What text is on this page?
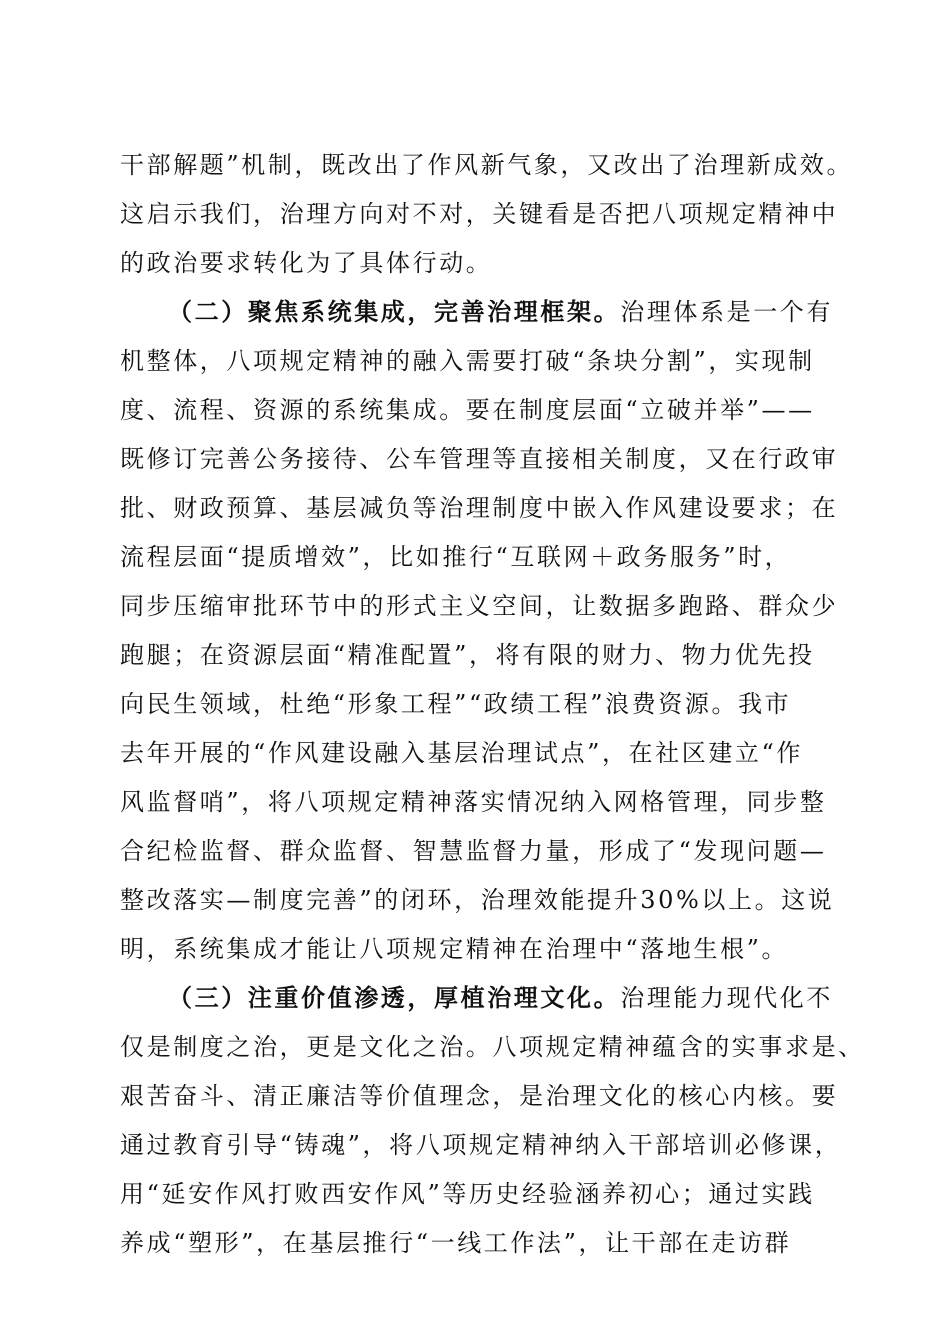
干部解题”机制，既改出了作风新气象，又改出了治理新成效。
这启示我们，治理方向对不对，关键看是否把八项规定精神中
的政治要求转化为了具体行动。
（二）聚焦系统集成，完善治理框架。治理体系是一个有
机整体，八项规定精神的融入需要打破“条块分割”，实现制
度、流程、资源的系统集成。要在制度层面“立破并举”——
既修订完善公务接待、公车管理等直接相关制度，又在行政审
批、财政预算、基层减负等治理制度中嵌入作风建设要求；在
流程层面“提质增效”，比如推行“互联网＋政务服务”时，
同步压缩审批环节中的形式主义空间，让数据多跑路、群众少
跑腿；在资源层面“精准配置”，将有限的财力、物力优先投
向民生领域，杜绝“形象工程”“政绩工程”浪费资源。我市
去年开展的“作风建设融入基层治理试点”，在社区建立“作
风监督哨”，将八项规定精神落实情况纳入网格管理，同步整
合纪检监督、群众监督、智慧监督力量，形成了“发现问题—
整改落实—制度完善”的闭环，治理效能提升30%以上。这说
明，系统集成才能让八项规定精神在治理中“落地生根”。
（三）注重价值渗透，厚植治理文化。治理能力现代化不
仅是制度之治，更是文化之治。八项规定精神蕴含的实事求是、
艰苦奋斗、清正廉洁等价值理念，是治理文化的核心内核。要
通过教育引导“铸魂”，将八项规定精神纳入干部培训必修课，
用“延安作风打败西安作风”等历史经验涵养初心；通过实践
养成“塑形”，在基层推行“一线工作法”，让干部在走访群
